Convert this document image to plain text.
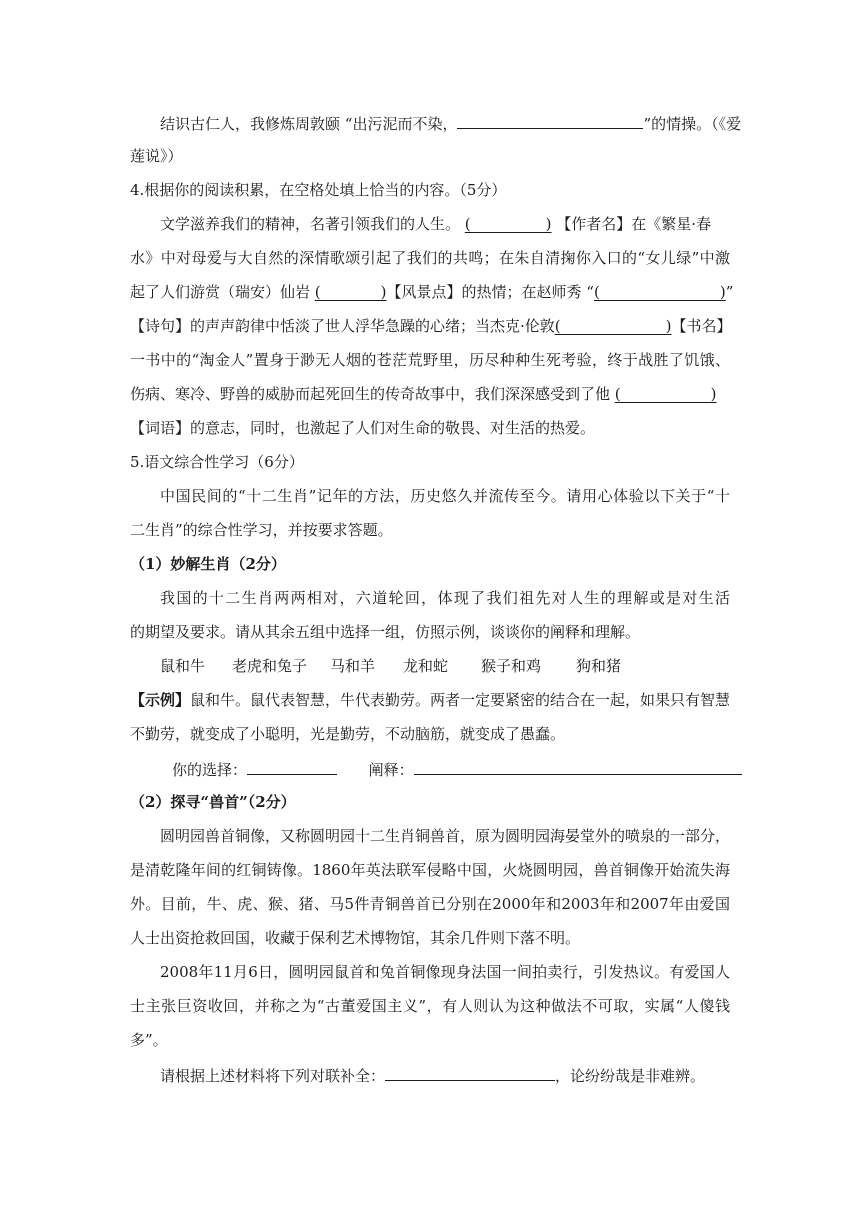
结识古仁人，我修炼周敦颐 “出污泥而不染，	”的情操。（《爱
莲说》）
4.根据你的阅读积累，在空格处填上恰当的内容。（5分）
文学滋养我们的精神，名著引领我们的人生。 (　　　　　) 【作者名】在《繁星·春
水》中对母爱与大自然的深情歌颂引起了我们的共鸣；在朱自清掬你入口的“女儿绿”中激
起了人们游赏（瑞安）仙岩 (　　　　)【风景点】的热情；在赵师秀 “(　　　　　　　　)”
【诗句】的声声韵律中恬淡了世人浮华急躁的心绪；当杰克·伦敦(　　　　　　　)【书名】
一书中的“淘金人”置身于渺无人烟的苍茫荒野里，历尽种种生死考验，终于战胜了饥饿、
伤病、寒冷、野兽的威胁而起死回生的传奇故事中，我们深深感受到了他 (　　　　　　)
【词语】的意志，同时，也激起了人们对生命的敬畏、对生活的热爱。
5.语文综合性学习（6分）
中国民间的“十二生肖”记年的方法，历史悠久并流传至今。请用心体验以下关于“十
二生肖”的综合性学习，并按要求答题。
（1）妙解生肖（2分）
我国的十二生肖两两相对，六道轮回，体现了我们祖先对人生的理解或是对生活
的期望及要求。请从其余五组中选择一组，仿照示例，谈谈你的阐释和理解。
鼠和牛 老虎和兔子 马和羊 龙和蛇 猴子和鸡 狗和猪
【示例】鼠和牛。鼠代表智慧，牛代表勤劳。两者一定要紧密的结合在一起，如果只有智慧
不勤劳，就变成了小聪明，光是勤劳，不动脑筋，就变成了愚蠢。
你的选择：	阐释：
（2）探寻“兽首”（2分）
圆明园兽首铜像，又称圆明园十二生肖铜兽首，原为圆明园海晏堂外的喷泉的一部分，
是清乾隆年间的红铜铸像。1860年英法联军侵略中国，火烧圆明园，兽首铜像开始流失海
外。目前，牛、虎、猴、猪、马5件青铜兽首已分别在2000年和2003年和2007年由爱国
人士出资抢救回国，收藏于保利艺术博物馆，其余几件则下落不明。
2008年11月6日，圆明园鼠首和兔首铜像现身法国一间拍卖行，引发热议。有爱国人
士主张巨资收回，并称之为“古董爱国主义”，有人则认为这种做法不可取，实属“人傻钱
多”。
请根据上述材料将下列对联补全：	，论纷纷哉是非难辨。
